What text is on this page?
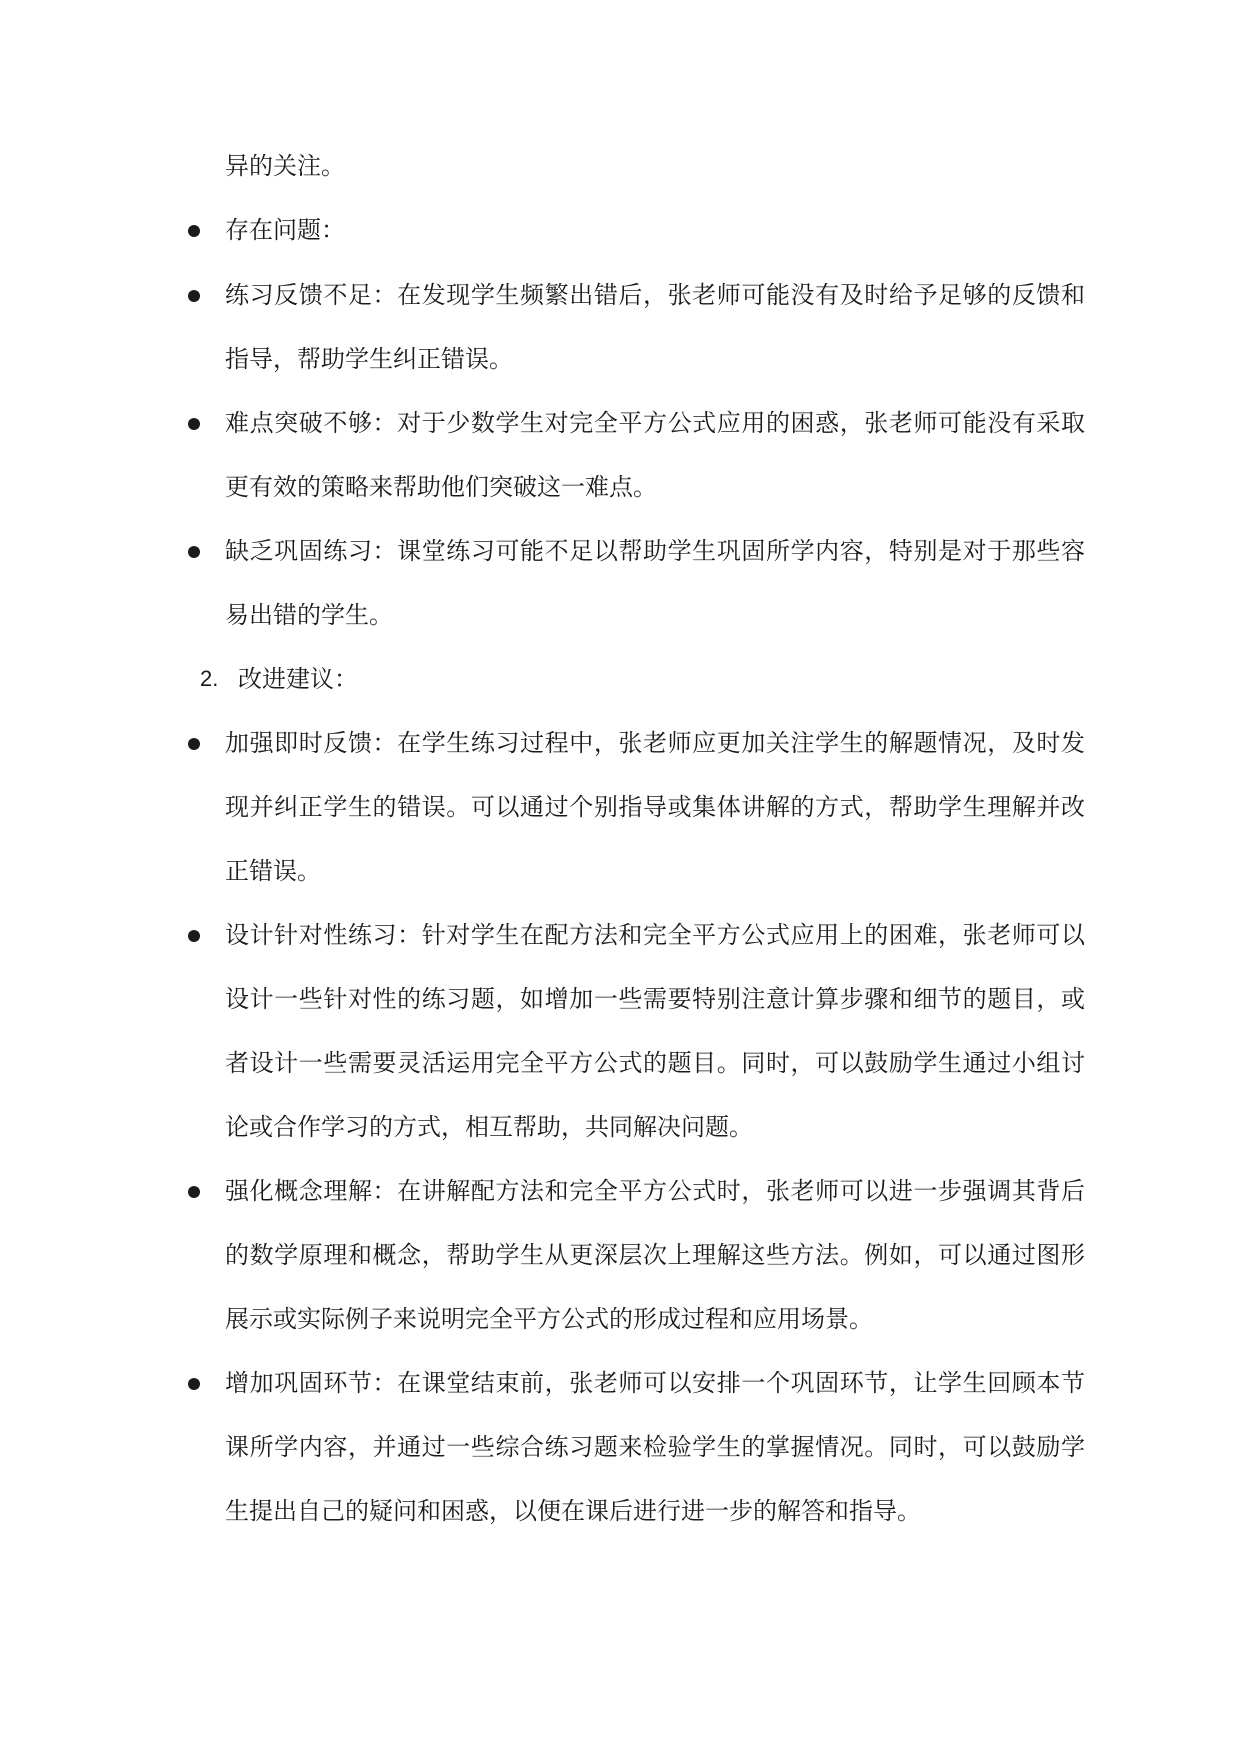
异的关注。
存在问题：
练习反馈不足：在发现学生频繁出错后，张老师可能没有及时给予足够的反馈和
指导，帮助学生纠正错误。
难点突破不够：对于少数学生对完全平方公式应用的困惑，张老师可能没有采取
更有效的策略来帮助他们突破这一难点。
缺乏巩固练习：课堂练习可能不足以帮助学生巩固所学内容，特别是对于那些容
易出错的学生。
2. 改进建议：
加强即时反馈：在学生练习过程中，张老师应更加关注学生的解题情况，及时发
现并纠正学生的错误。可以通过个别指导或集体讲解的方式，帮助学生理解并改
正错误。
设计针对性练习：针对学生在配方法和完全平方公式应用上的困难，张老师可以
设计一些针对性的练习题，如增加一些需要特别注意计算步骤和细节的题目，或
者设计一些需要灵活运用完全平方公式的题目。同时，可以鼓励学生通过小组讨
论或合作学习的方式，相互帮助，共同解决问题。
强化概念理解：在讲解配方法和完全平方公式时，张老师可以进一步强调其背后
的数学原理和概念，帮助学生从更深层次上理解这些方法。例如，可以通过图形
展示或实际例子来说明完全平方公式的形成过程和应用场景。
增加巩固环节：在课堂结束前，张老师可以安排一个巩固环节，让学生回顾本节
课所学内容，并通过一些综合练习题来检验学生的掌握情况。同时，可以鼓励学
生提出自己的疑问和困惑，以便在课后进行进一步的解答和指导。
